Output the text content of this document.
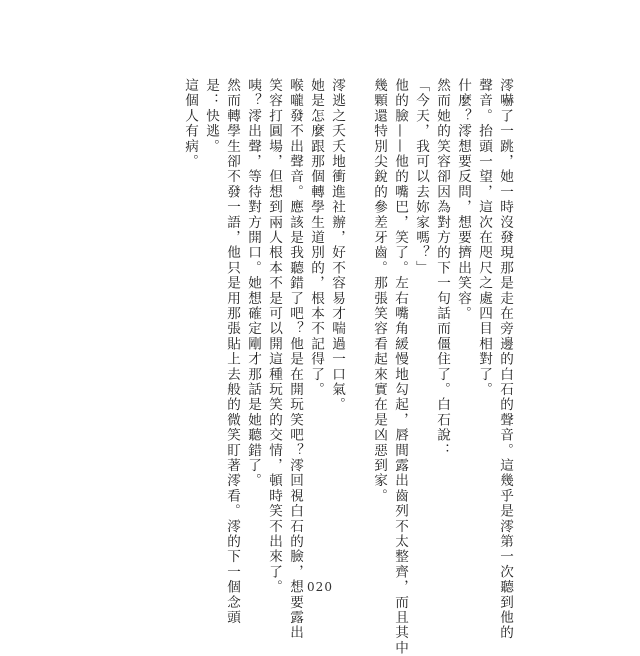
澪嚇了一跳，她一時沒發現那是走在旁邊的白石的聲音。這幾乎是澪第一次聽到他的

聲音。抬頭一望，這次在咫尺之處四目相對了。

什麼？澪想要反問，想要擠出笑容。

然而她的笑容卻因為對方的下一句話而僵住了。白石說：

「今天，我可以去妳家嗎？」

他的臉——他的嘴巴，笑了。左右嘴角緩慢地勾起，唇間露出齒列不太整齊，而且其中

幾顆還特別尖銳的參差牙齒。那張笑容看起來實在是凶惡到家。

澪逃之夭夭地衝進社辦，好不容易才喘過一口氣。

她是怎麼跟那個轉學生道別的，根本不記得了。

喉嚨發不出聲音。應該是我聽錯了吧？他是在開玩笑吧？澪回視白石的臉，想要露出

笑容打圓場，但想到兩人根本不是可以開這種玩笑的交情，頓時笑不出來了。

咦？澪出聲，等待對方開口。她想確定剛才那話是她聽錯了。

然而轉學生卻不發一語，他只是用那張貼上去般的微笑盯著澪看。澪的下一個念頭

是：快逃。

這個人有病。

020
